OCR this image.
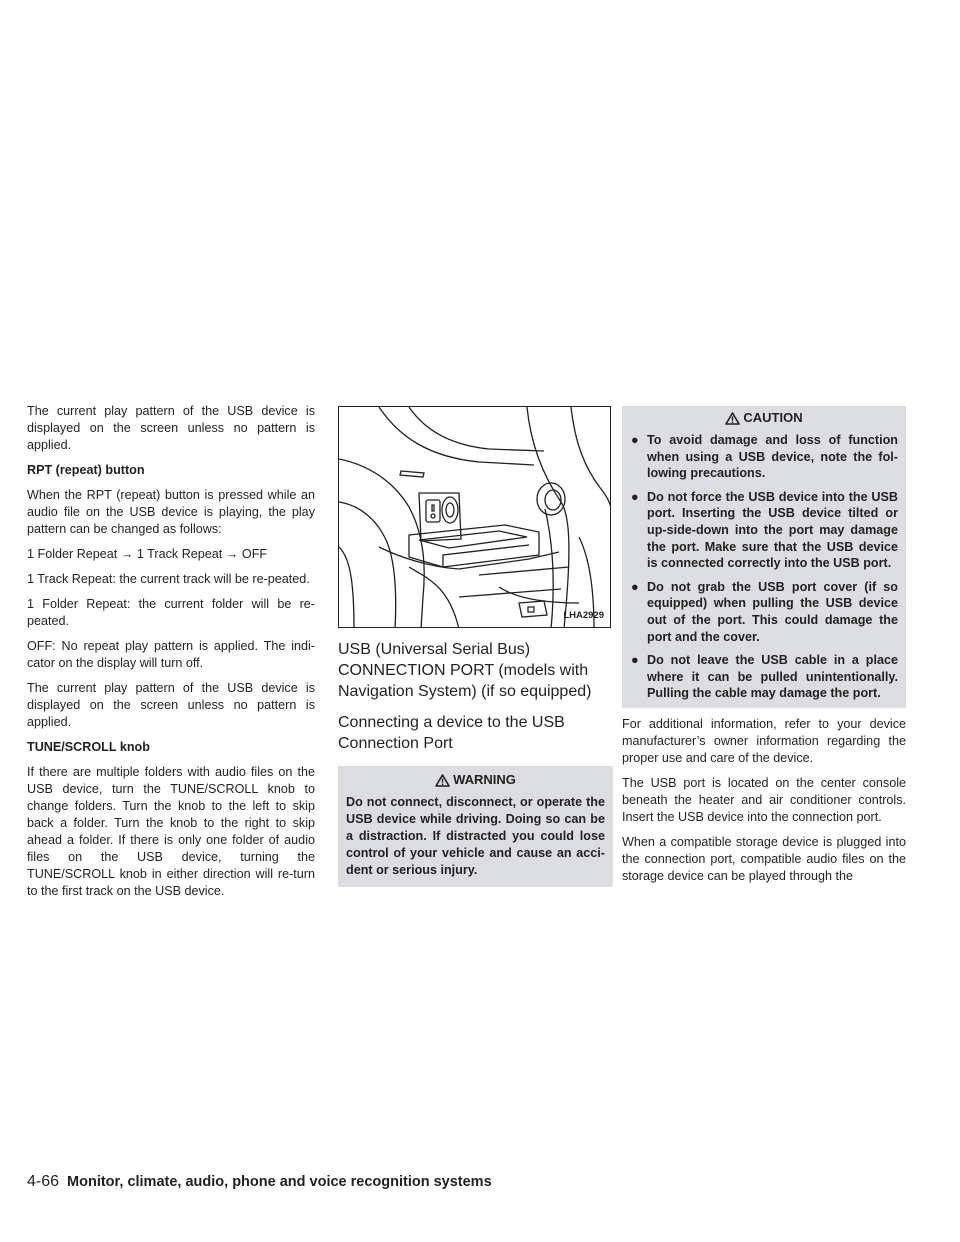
The current play pattern of the USB device is displayed on the screen unless no pattern is applied.

RPT (repeat) button

When the RPT (repeat) button is pressed while an audio file on the USB device is playing, the play pattern can be changed as follows:

1 Folder Repeat → 1 Track Repeat → OFF

1 Track Repeat: the current track will be re-peated.

1 Folder Repeat: the current folder will be re-peated.

OFF: No repeat play pattern is applied. The indi-cator on the display will turn off.

The current play pattern of the USB device is displayed on the screen unless no pattern is applied.

TUNE/SCROLL knob

If there are multiple folders with audio files on the USB device, turn the TUNE/SCROLL knob to change folders. Turn the knob to the left to skip back a folder. Turn the knob to the right to skip ahead a folder. If there is only one folder of audio files on the USB device, turning the TUNE/SCROLL knob in either direction will re-turn to the first track on the USB device.

LHA2929
USB (Universal Serial Bus) CONNECTION PORT (models with Navigation System) (if so equipped)
Connecting a device to the USB Connection Port
WARNING

Do not connect, disconnect, or operate the USB device while driving. Doing so can be a distraction. If distracted you could lose control of your vehicle and cause an acci-dent or serious injury.

CAUTION
● To avoid damage and loss of function when using a USB device, note the fol-lowing precautions.
● Do not force the USB device into the USB port. Inserting the USB device tilted or up-side-down into the port may damage the port. Make sure that the USB device is connected correctly into the USB port.
● Do not grab the USB port cover (if so equipped) when pulling the USB device out of the port. This could damage the port and the cover.
● Do not leave the USB cable in a place where it can be pulled unintentionally. Pulling the cable may damage the port.

For additional information, refer to your device manufacturer’s owner information regarding the proper use and care of the device.

The USB port is located on the center console beneath the heater and air conditioner controls. Insert the USB device into the connection port.

When a compatible storage device is plugged into the connection port, compatible audio files on the storage device can be played through the

4-66 Monitor, climate, audio, phone and voice recognition systems
